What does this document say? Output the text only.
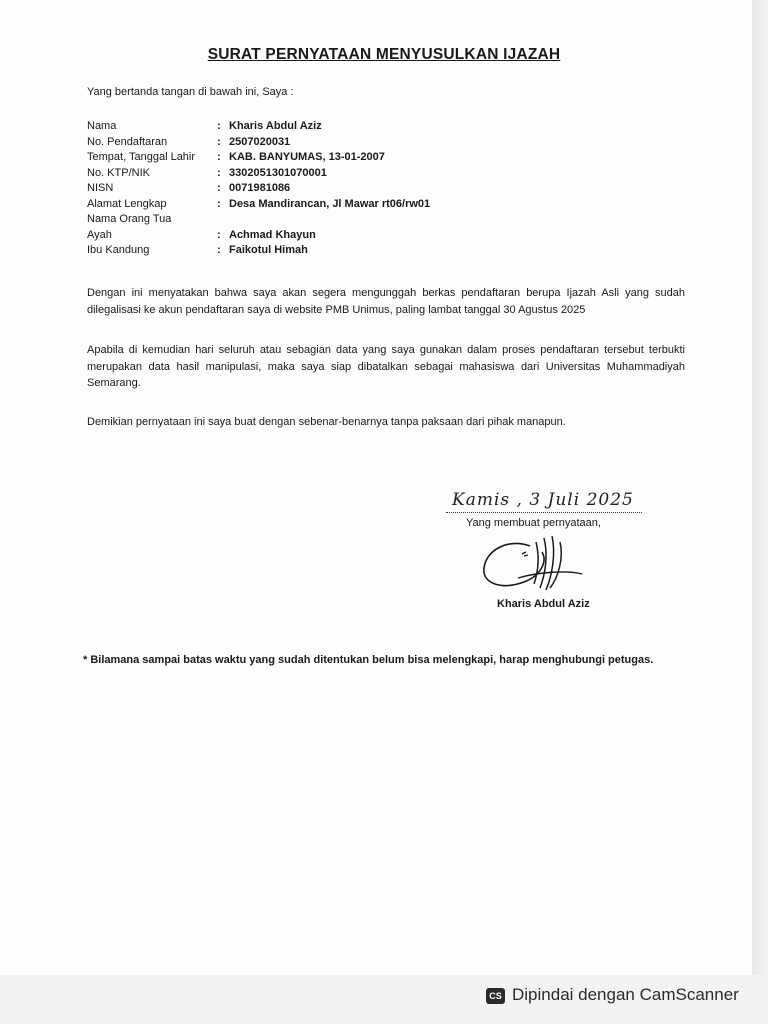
SURAT PERNYATAAN MENYUSULKAN IJAZAH
Yang bertanda tangan di bawah ini, Saya :
Nama	: Kharis Abdul Aziz
No. Pendaftaran	: 2507020031
Tempat, Tanggal Lahir	: KAB. BANYUMAS, 13-01-2007
No. KTP/NIK	: 3302051301070001
NISN	: 0071981086
Alamat Lengkap	: Desa Mandirancan, Jl Mawar rt06/rw01
Nama Orang Tua
Ayah	: Achmad Khayun
Ibu Kandung	: Faikotul Himah
Dengan ini menyatakan bahwa saya akan segera mengunggah berkas pendaftaran berupa Ijazah Asli yang sudah dilegalisasi ke akun pendaftaran saya di website PMB Unimus, paling lambat tanggal 30 Agustus 2025
Apabila di kemudian hari seluruh atau sebagian data yang saya gunakan dalam proses pendaftaran tersebut terbukti merupakan data hasil manipulasi, maka saya siap dibatalkan sebagai mahasiswa dari Universitas Muhammadiyah Semarang.
Demikian pernyataan ini saya buat dengan sebenar-benarnya tanpa paksaan dari pihak manapun.
Kamis , 3 Juli 2025
Yang membuat pernyataan,
Kharis Abdul Aziz
* Bilamana sampai batas waktu yang sudah ditentukan belum bisa melengkapi, harap menghubungi petugas.
CS Dipindai dengan CamScanner
